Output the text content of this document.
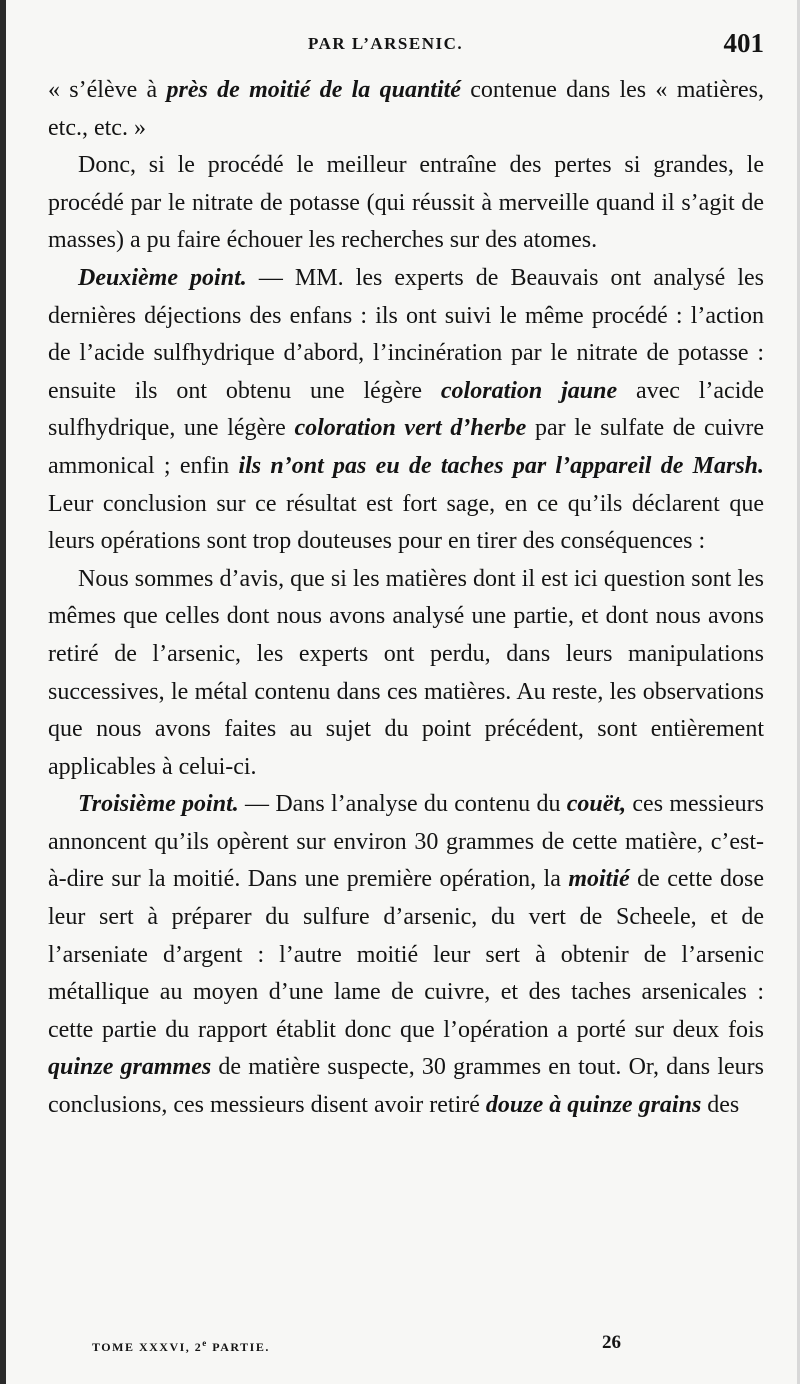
PAR L’ARSENIC.	401

« s’élève à près de moitié de la quantité contenue dans les « matières, etc., etc. »

Donc, si le procédé le meilleur entraîne des pertes si grandes, le procédé par le nitrate de potasse (qui réussit à merveille quand il s’agit de masses) a pu faire échouer les recherches sur des atomes.

Deuxième point. — MM. les experts de Beauvais ont analysé les dernières déjections des enfans : ils ont suivi le même procédé : l’action de l’acide sulfhydrique d’abord, l’incinération par le nitrate de potasse : ensuite ils ont obtenu une légère coloration jaune avec l’acide sulfhydrique, une légère coloration vert d’herbe par le sulfate de cuivre ammonical ; enfin ils n’ont pas eu de taches par l’appareil de Marsh. Leur conclusion sur ce résultat est fort sage, en ce qu’ils déclarent que leurs opérations sont trop douteuses pour en tirer des conséquences :

Nous sommes d’avis, que si les matières dont il est ici question sont les mêmes que celles dont nous avons analysé une partie, et dont nous avons retiré de l’arsenic, les experts ont perdu, dans leurs manipulations successives, le métal contenu dans ces matières. Au reste, les observations que nous avons faites au sujet du point précédent, sont entièrement applicables à celui-ci.

Troisième point. — Dans l’analyse du contenu du couët, ces messieurs annoncent qu’ils opèrent sur environ 30 grammes de cette matière, c’est-à-dire sur la moitié. Dans une première opération, la moitié de cette dose leur sert à préparer du sulfure d’arsenic, du vert de Scheele, et de l’arseniate d’argent : l’autre moitié leur sert à obtenir de l’arsenic métallique au moyen d’une lame de cuivre, et des taches arsenicales : cette partie du rapport établit donc que l’opération a porté sur deux fois quinze grammes de matière suspecte, 30 grammes en tout. Or, dans leurs conclusions, ces messieurs disent avoir retiré douze à quinze grains des

TOME XXXVI, 2e PARTIE.	26
